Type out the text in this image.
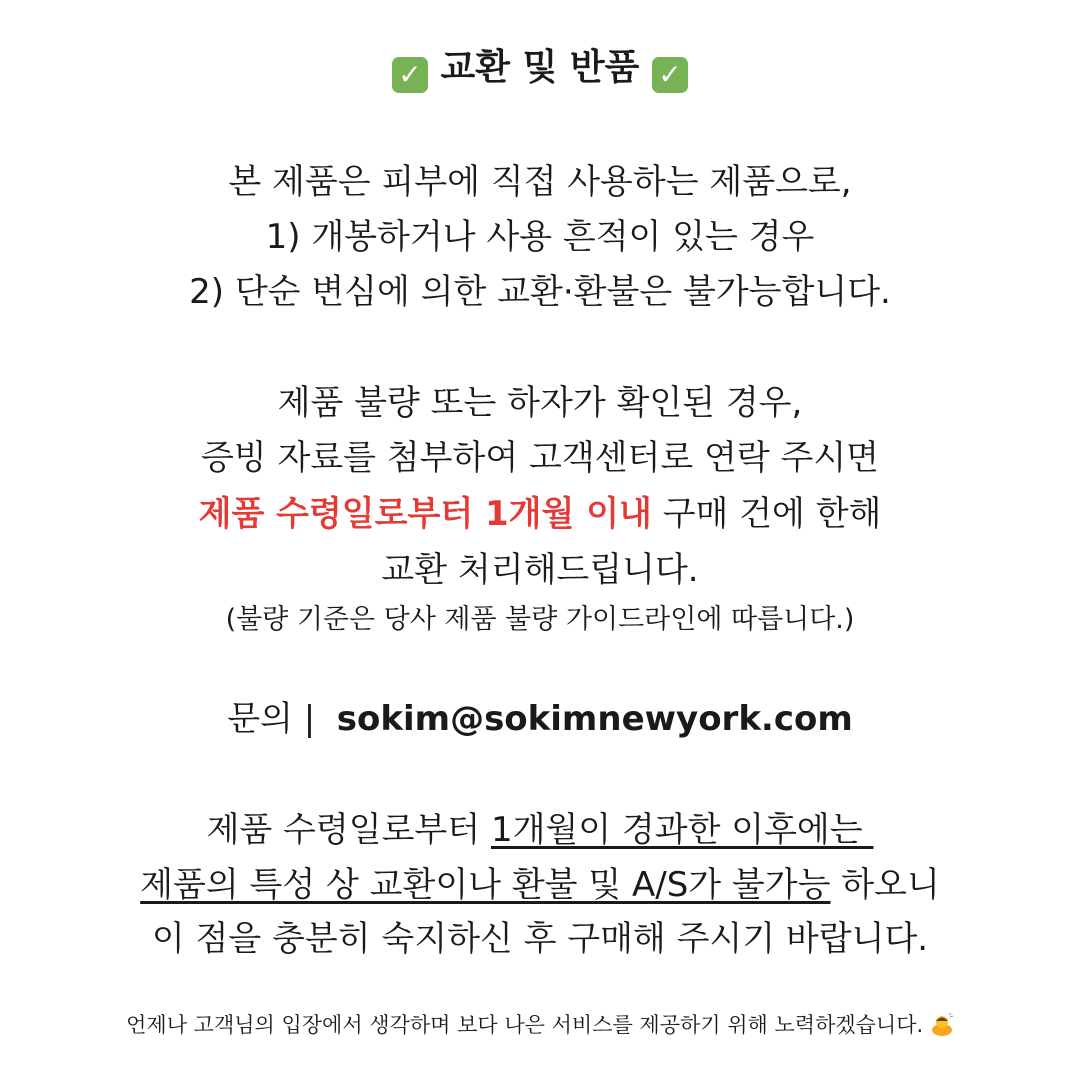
✓ 교환 및 반품 ✓
본 제품은 피부에 직접 사용하는 제품으로,
1) 개봉하거나 사용 흔적이 있는 경우
2) 단순 변심에 의한 교환·환불은 불가능합니다.
제품 불량 또는 하자가 확인된 경우,
증빙 자료를 첨부하여 고객센터로 연락 주시면
제품 수령일로부터 1개월 이내 구매 건에 한해
교환 처리해드립니다.
(불량 기준은 당사 제품 불량 가이드라인에 따릅니다.)
문의 |  sokim@sokimnewyork.com
제품 수령일로부터 1개월이 경과한 이후에는
제품의 특성 상 교환이나 환불 및 A/S가 불가능 하오니
이 점을 충분히 숙지하신 후 구매해 주시기 바랍니다.
언제나 고객님의 입장에서 생각하며 보다 나은 서비스를 제공하기 위해 노력하겠습니다.
